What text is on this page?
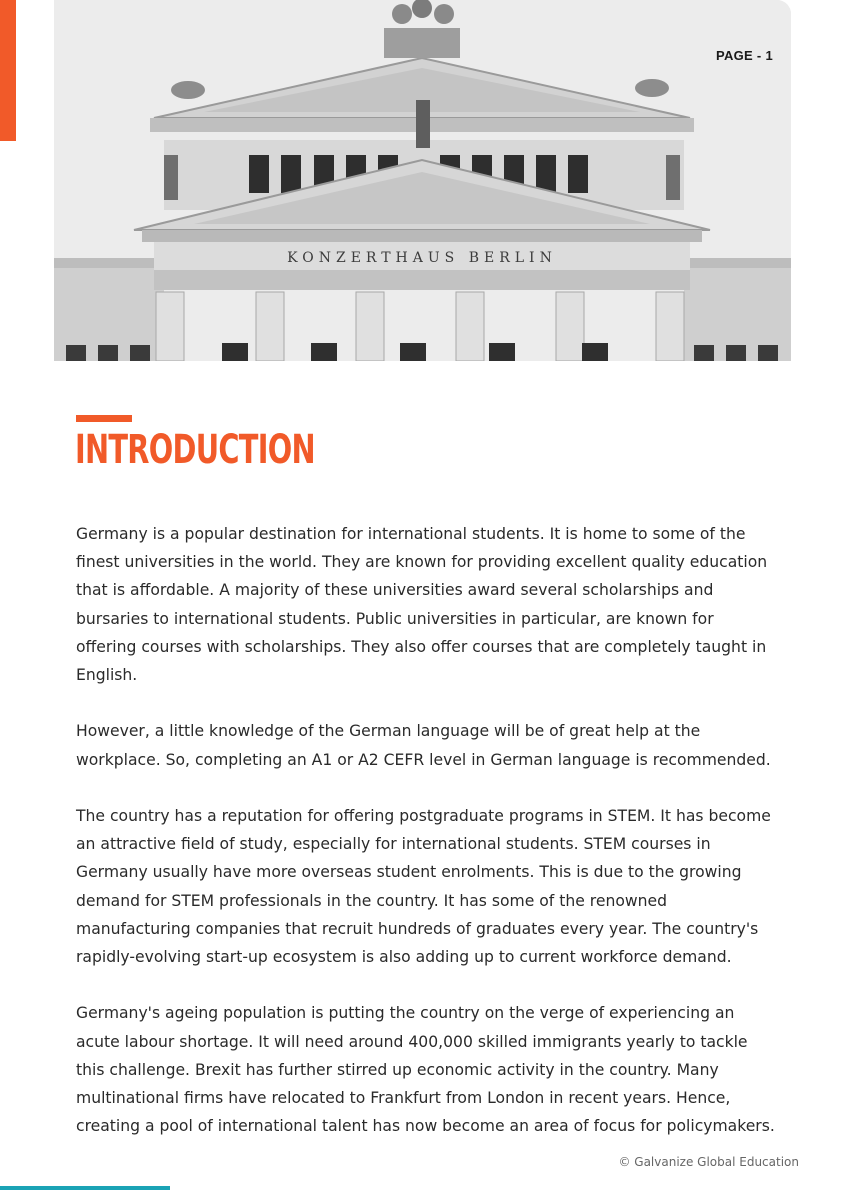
KONZERTHAUS BERLIN
PAGE - 1
INTRODUCTION

Germany is a popular destination for international students. It is home to some of the finest universities in the world. They are known for providing excellent quality education that is affordable. A majority of these universities award several scholarships and bursaries to international students. Public universities in particular, are known for offering courses with scholarships. They also offer courses that are completely taught in English.

However, a little knowledge of the German language will be of great help at the workplace. So, completing an A1 or A2 CEFR level in German language is recommended.

The country has a reputation for offering postgraduate programs in STEM. It has become an attractive field of study, especially for international students. STEM courses in Germany usually have more overseas student enrolments. This is due to the growing demand for STEM professionals in the country. It has some of the renowned manufacturing companies that recruit hundreds of graduates every year. The country's rapidly-evolving start-up ecosystem is also adding up to current workforce demand.

Germany's ageing population is putting the country on the verge of experiencing an acute labour shortage. It will need around 400,000 skilled immigrants yearly to tackle this challenge. Brexit has further stirred up economic activity in the country. Many multinational firms have relocated to Frankfurt from London in recent years. Hence, creating a pool of international talent has now become an area of focus for policymakers.

© Galvanize Global Education
